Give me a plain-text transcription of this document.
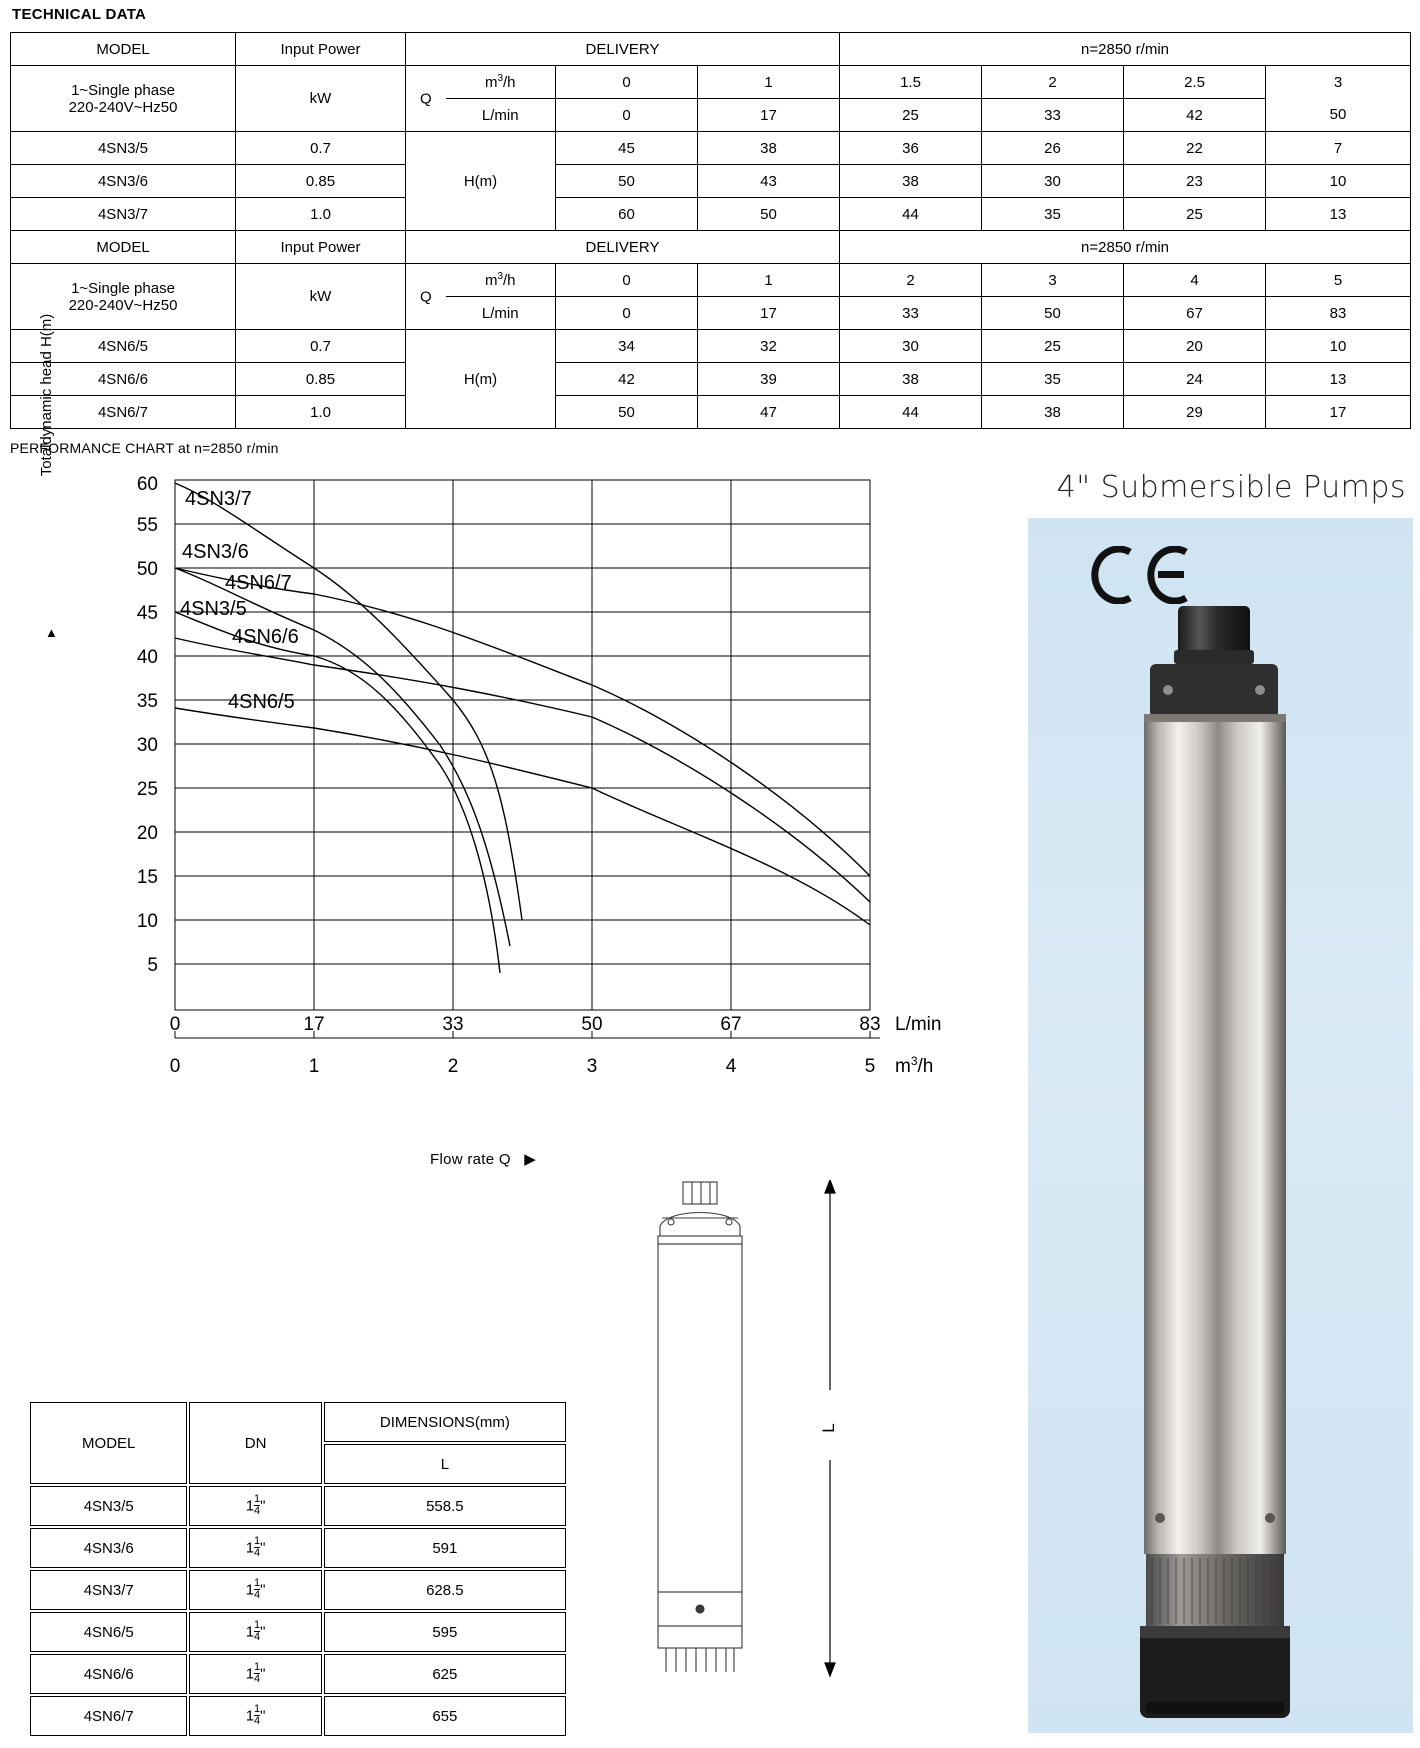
TECHNICAL DATA
MODEL	Input Power	DELIVERY				n=2850 r/min			

1~Single phase
220-240V~Hz50	kW	Q	$m^3/h$	0	1	1.5	2	2.5	3
			L/min	0	17	25	33	42	50
4SN3/5	0.7	H(m)		45	38	36	26	22	7
4SN3/6	0.85			50	43	38	30	23	10
4SN3/7	1.0			60	50	44	35	25	13
MODEL	Input Power	DELIVERY				n=2850 r/min			

1~Single phase
220-240V~Hz50	kW	Q	$m^3/h$	0	1	2	3	4	5
			L/min	0	17	33	50	67	83
4SN6/5	0.7	H(m)		34	32	30	25	20	10
4SN6/6	0.85			42	39	38	35	24	13
4SN6/7	1.0			50	47	44	38	29	17
PERFORMANCE CHART at n=2850 r/min
Totaldynamic head H(m)
▲
60
55
50
45
40
35
30
25
20
15
10
5
4SN3/7
4SN3/6
4SN6/7
4SN3/5
4SN6/6
4SN6/5
0	17	33	50	67	83
0	1	2	3	4	5
L/min
$m^3/h$
Flow rate Q ▶
4" Submersible Pumps
L
MODEL	DN	DIMENSIONS(mm)
		L
4SN3/5	$1 \frac{1}{4}$ "	558.5
4SN3/6	$1 \frac{1}{4}$ "	591
4SN3/7	$1 \frac{1}{4}$ "	628.5
4SN6/5	$1 \frac{1}{4}$ "	595
4SN6/6	$1 \frac{1}{4}$ "	625
4SN6/7	$1 \frac{1}{4}$ "	655
